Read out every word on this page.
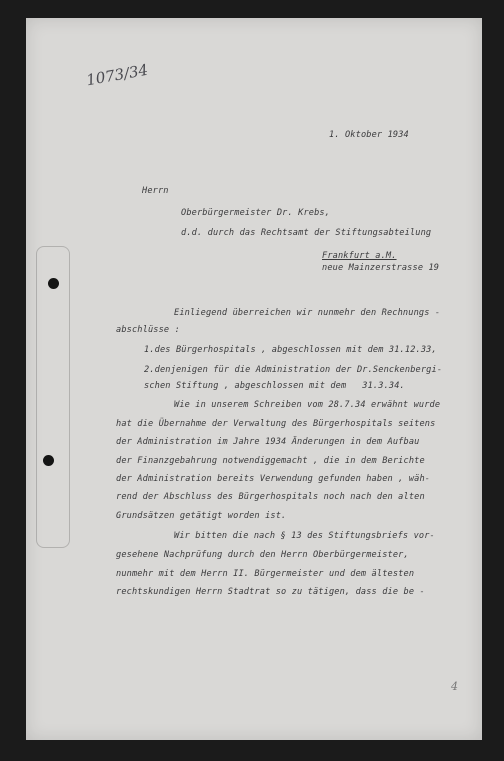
1073/34
1. Oktober 1934
Herrn
Oberbürgermeister Dr. Krebs,
d.d. durch das Rechtsamt der Stiftungsabteilung
Frankfurt a.M.
neue Mainzerstrasse 19
Einliegend überreichen wir nunmehr den Rechnungs -
abschlüsse :
1.des Bürgerhospitals , abgeschlossen mit dem 31.12.33,
2.denjenigen für die Administration der Dr.Senckenbergi-
schen Stiftung , abgeschlossen mit dem   31.3.34.
Wie in unserem Schreiben vom 28.7.34 erwähnt wurde
hat die Übernahme der Verwaltung des Bürgerhospitals seitens
der Administration im Jahre 1934 Änderungen in dem Aufbau
der Finanzgebahrung notwendiggemacht , die in dem Berichte
der Administration bereits Verwendung gefunden haben , wäh-
rend der Abschluss des Bürgerhospitals noch nach den alten
Grundsätzen getätigt worden ist.
Wir bitten die nach § 13 des Stiftungsbriefs vor-
gesehene Nachprüfung durch den Herrn Oberbürgermeister,
nunmehr mit dem Herrn II. Bürgermeister und dem ältesten
rechtskundigen Herrn Stadtrat so zu tätigen, dass die be -
4
